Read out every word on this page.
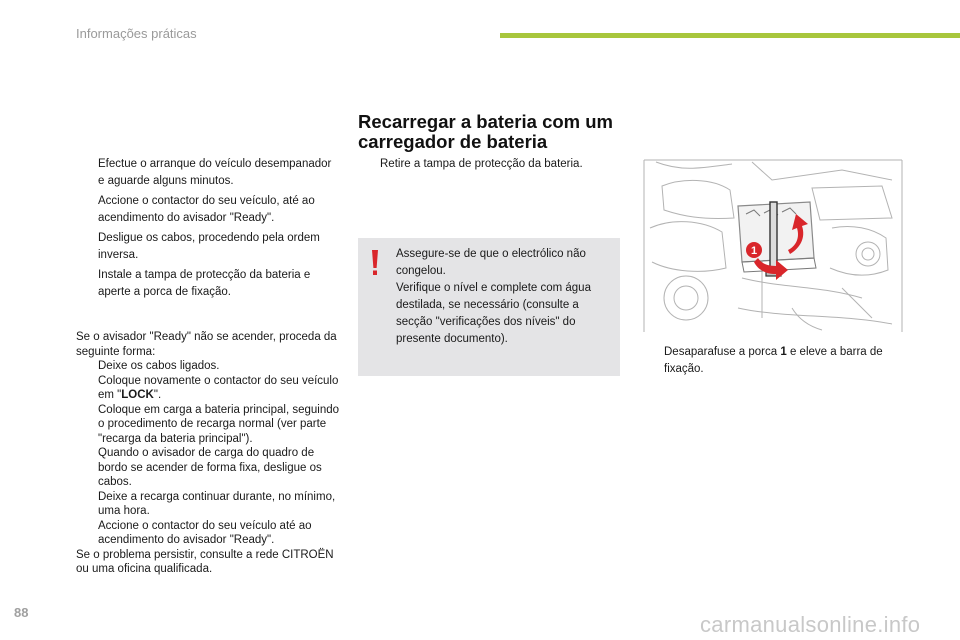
Informações práticas
Efectue o arranque do veículo desempanador e aguarde alguns minutos.
Accione o contactor do seu veículo, até ao acendimento do avisador "Ready".
Desligue os cabos, procedendo pela ordem inversa.
Instale a tampa de protecção da bateria e aperte a porca de fixação.

Se o avisador "Ready" não se acender, proceda da seguinte forma:

Deixe os cabos ligados.
Coloque novamente o contactor do seu veículo em "LOCK".
Coloque em carga a bateria principal, seguindo o procedimento de recarga normal (ver parte "recarga da bateria principal").
Quando o avisador de carga do quadro de bordo se acender de forma fixa, desligue os cabos.
Deixe a recarga continuar durante, no mínimo, uma hora.
Accione o contactor do seu veículo até ao acendimento do avisador "Ready".

Se o problema persistir, consulte a rede CITROËN ou uma oficina qualificada.

Recarregar a bateria com um carregador de bateria
Retire a tampa de protecção da bateria.

Assegure-se de que o electrólico não congelou.

Verifique o nível e complete com água destilada, se necessário (consulte a secção "verificações dos níveis" do presente documento).

1
Desaparafuse a porca 1 e eleve a barra de fixação.
88	carmanualsonline.info
